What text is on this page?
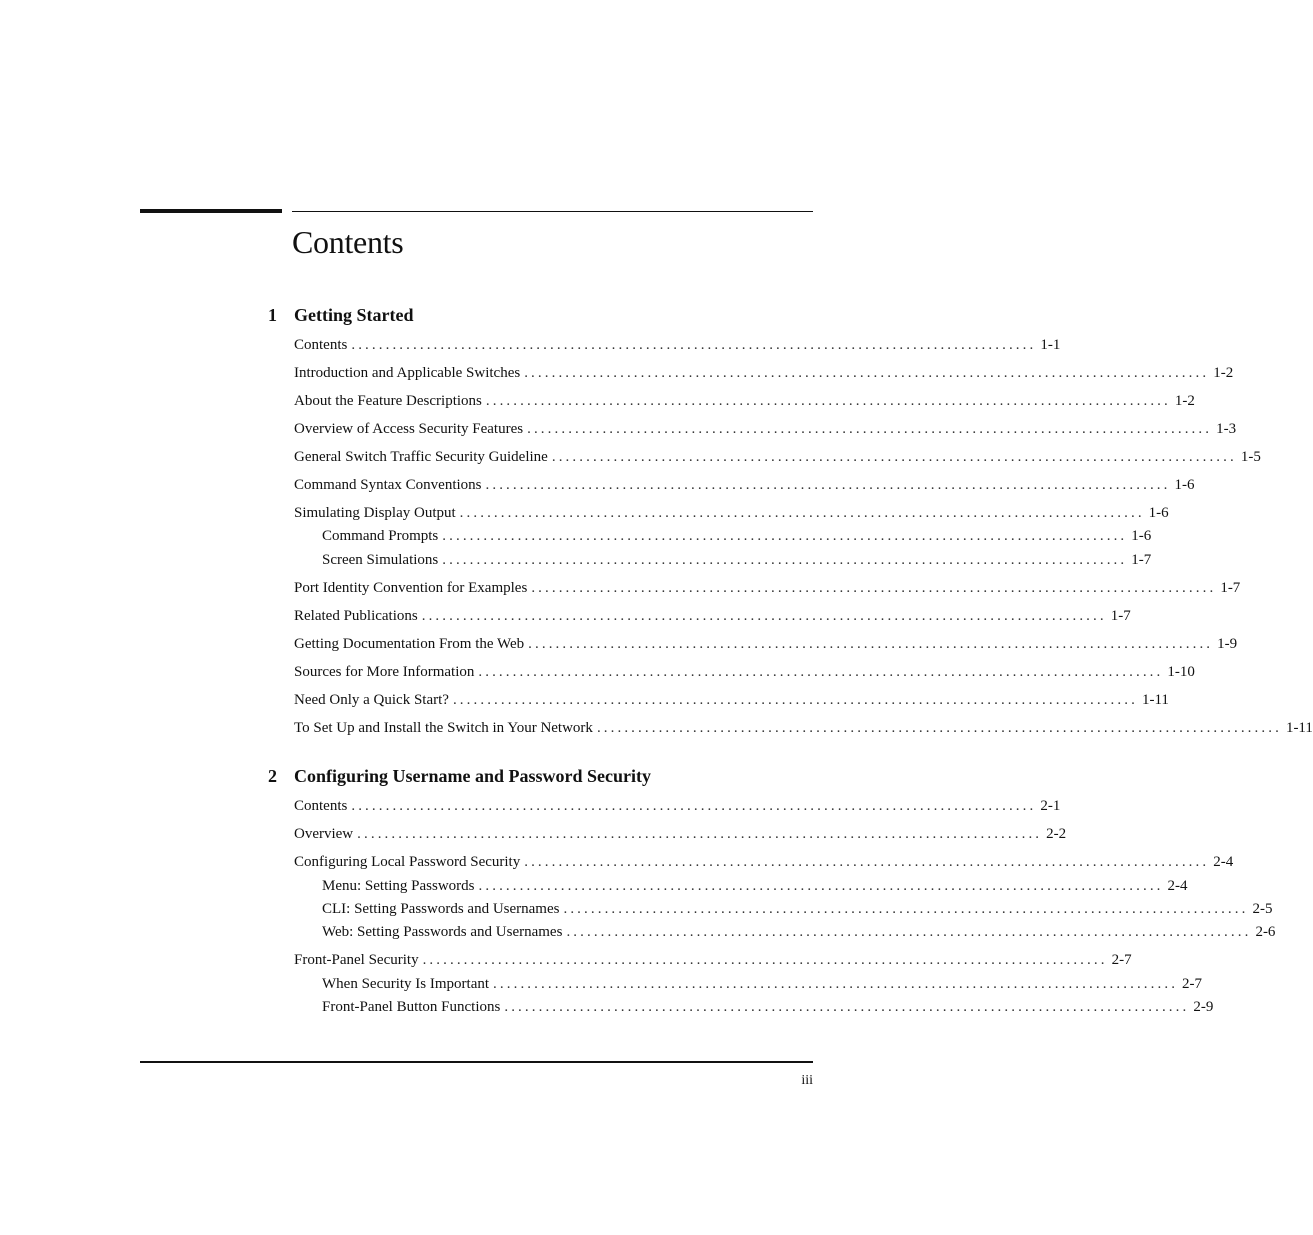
Contents
1 Getting Started
Contents .................................................................................................... 1-1
Introduction and Applicable Switches .................................................................................................... 1-2
About the Feature Descriptions .................................................................................................... 1-2
Overview of Access Security Features .................................................................................................... 1-3
General Switch Traffic Security Guideline .................................................................................................... 1-5
Command Syntax Conventions .................................................................................................... 1-6
Simulating Display Output .................................................................................................... 1-6
Command Prompts .................................................................................................... 1-6
Screen Simulations .................................................................................................... 1-7
Port Identity Convention for Examples .................................................................................................... 1-7
Related Publications .................................................................................................... 1-7
Getting Documentation From the Web .................................................................................................... 1-9
Sources for More Information .................................................................................................... 1-10
Need Only a Quick Start? .................................................................................................... 1-11
To Set Up and Install the Switch in Your Network .................................................................................................... 1-11
2 Configuring Username and Password Security
Contents .................................................................................................... 2-1
Overview .................................................................................................... 2-2
Configuring Local Password Security .................................................................................................... 2-4
Menu: Setting Passwords .................................................................................................... 2-4
CLI: Setting Passwords and Usernames .................................................................................................... 2-5
Web: Setting Passwords and Usernames .................................................................................................... 2-6
Front-Panel Security .................................................................................................... 2-7
When Security Is Important .................................................................................................... 2-7
Front-Panel Button Functions .................................................................................................... 2-9
iii
